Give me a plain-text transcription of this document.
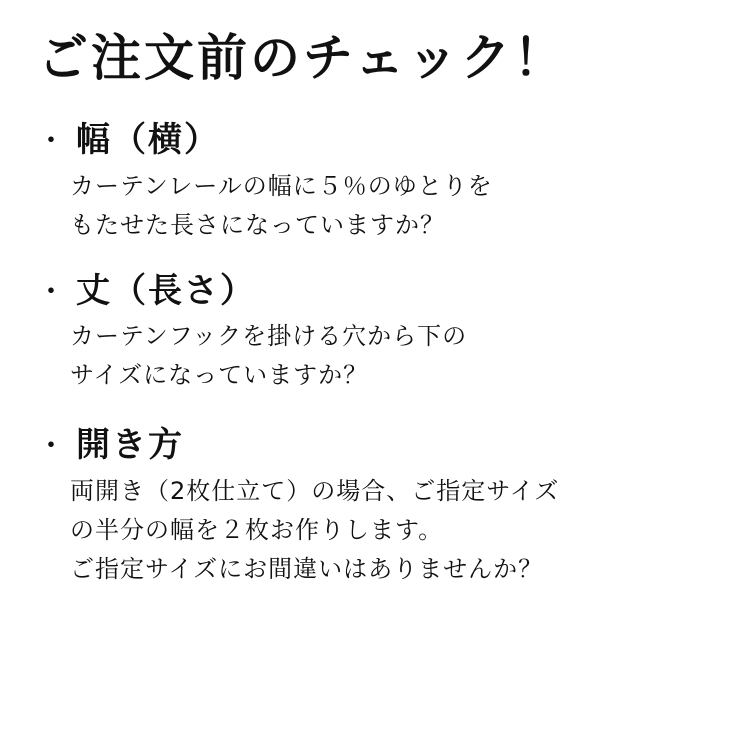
ご注文前のチェック！
・ 幅（横）
カーテンレールの幅に５％のゆとりを
もたせた長さになっていますか？
・ 丈（長さ）
カーテンフックを掛ける穴から下の
サイズになっていますか？
・ 開き方
両開き（2枚仕立て）の場合、ご指定サイズ
の半分の幅を２枚お作りします。
ご指定サイズにお間違いはありませんか？
